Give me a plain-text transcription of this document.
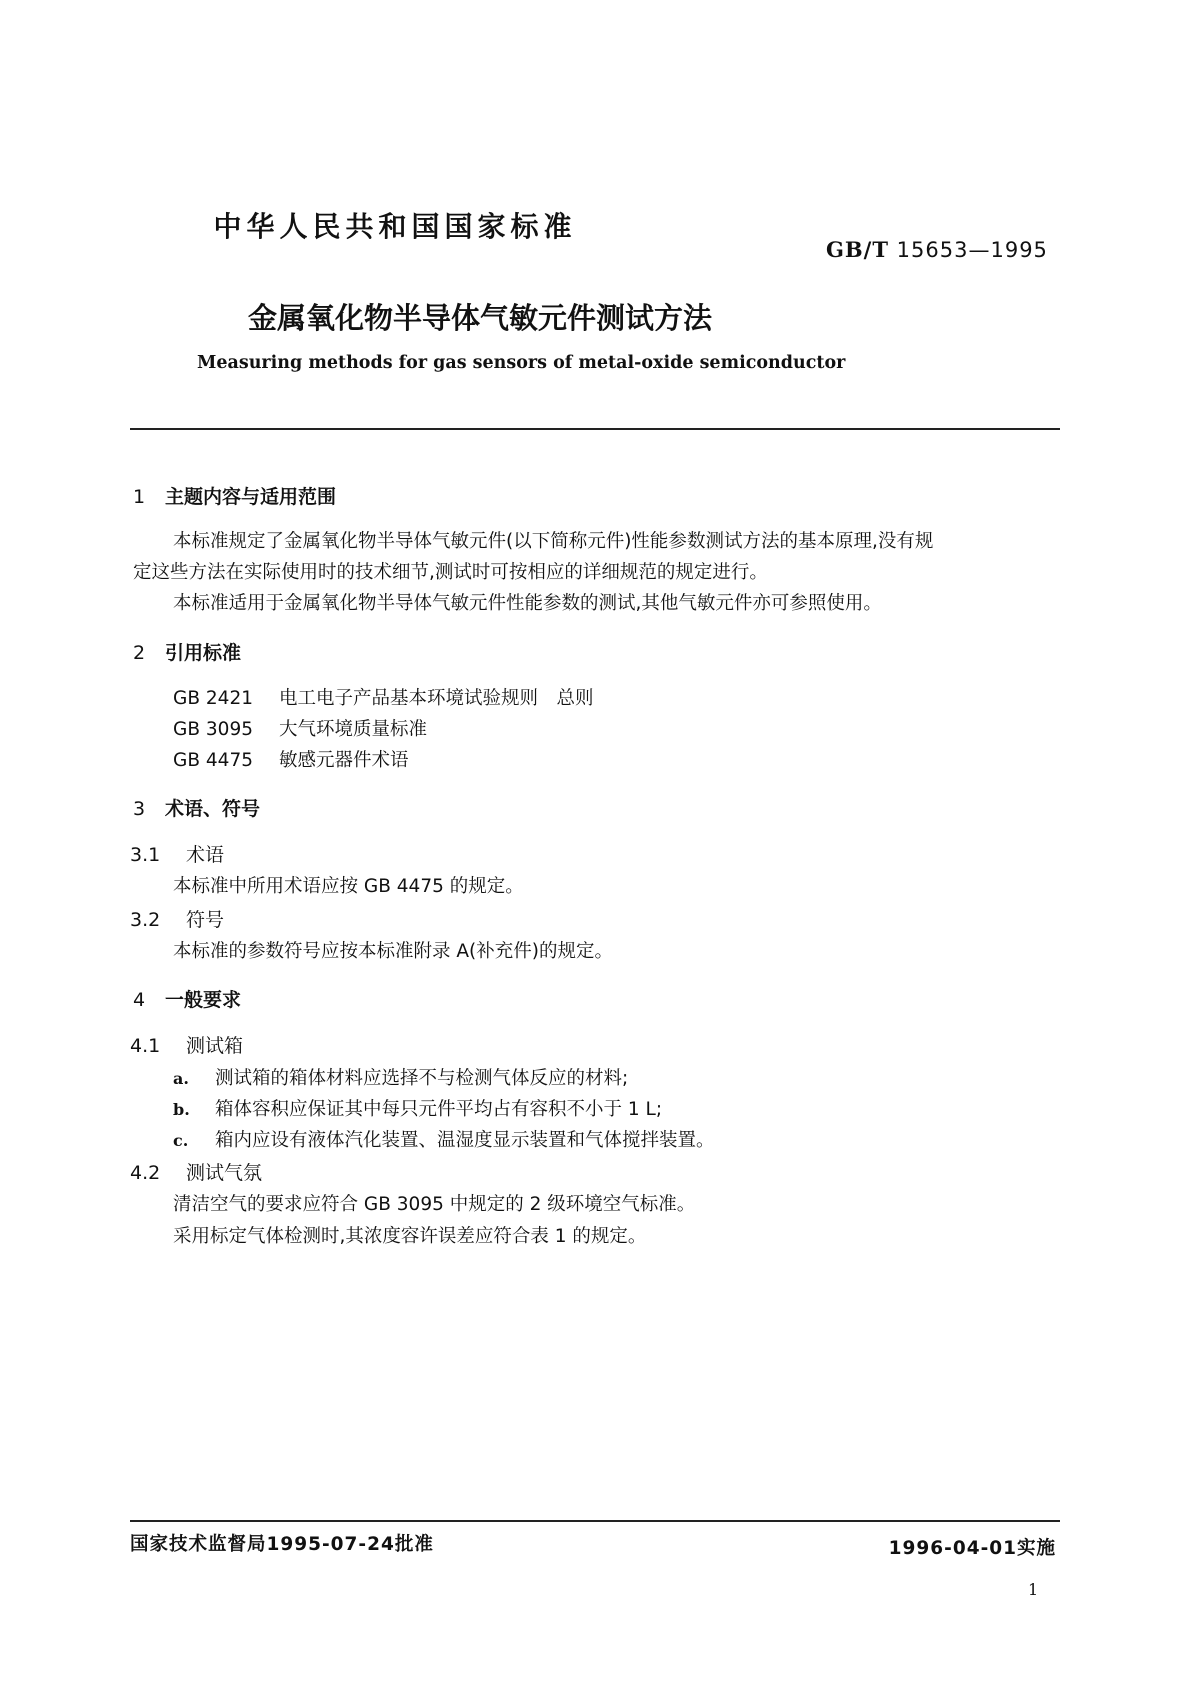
中华人民共和国国家标准
GB/T 15653—1995
金属氧化物半导体气敏元件测试方法
Measuring methods for gas sensors of metal-oxide semiconductor
1 主题内容与适用范围
本标准规定了金属氧化物半导体气敏元件(以下简称元件)性能参数测试方法的基本原理,没有规
定这些方法在实际使用时的技术细节,测试时可按相应的详细规范的规定进行。
本标准适用于金属氧化物半导体气敏元件性能参数的测试,其他气敏元件亦可参照使用。
2 引用标准
GB 2421 电工电子产品基本环境试验规则　总则
GB 3095 大气环境质量标准
GB 4475 敏感元器件术语
3 术语、符号
3.1 术语
本标准中所用术语应按 GB 4475 的规定。
3.2 符号
本标准的参数符号应按本标准附录 A(补充件)的规定。
4 一般要求
4.1 测试箱
a. 测试箱的箱体材料应选择不与检测气体反应的材料;
b. 箱体容积应保证其中每只元件平均占有容积不小于 1 L;
c. 箱内应设有液体汽化装置、温湿度显示装置和气体搅拌装置。
4.2 测试气氛
清洁空气的要求应符合 GB 3095 中规定的 2 级环境空气标准。
采用标定气体检测时,其浓度容许误差应符合表 1 的规定。
国家技术监督局1995-07-24批准	1996-04-01实施
1
